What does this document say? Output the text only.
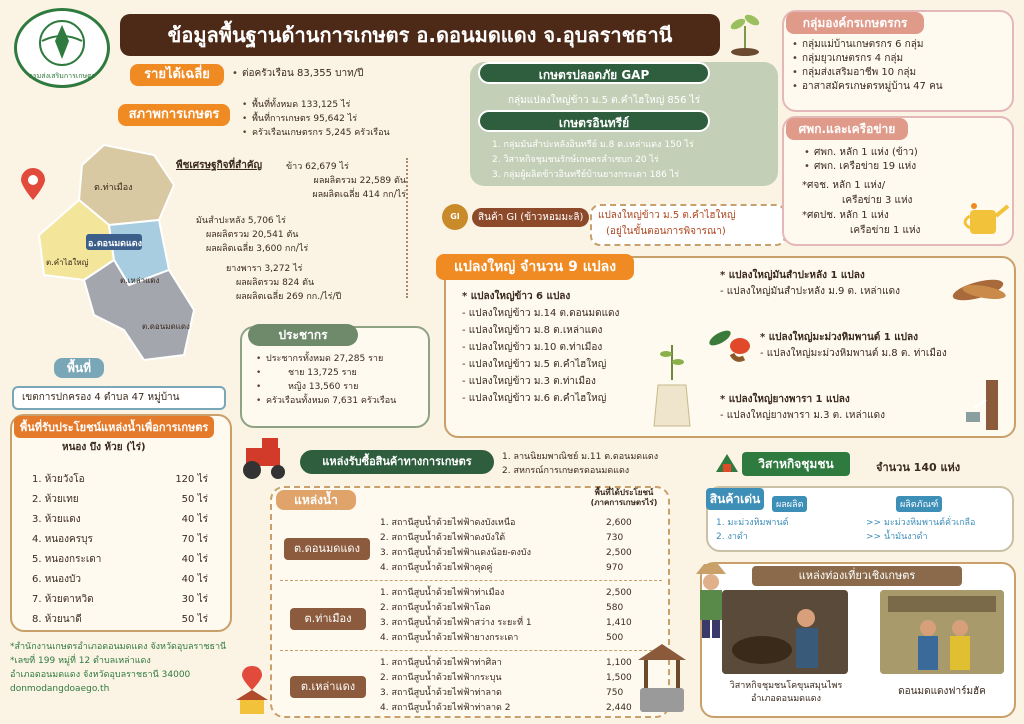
กรมส่งเสริมการเกษตร
ข้อมูลพื้นฐานด้านการเกษตร อ.ดอนมดแดง จ.อุบลราชธานี
รายได้เฉลี่ย	• ต่อครัวเรือน 83,355 บาท/ปี
สภาพการเกษตร
• พื้นที่ทั้งหมด 133,125 ไร่
• พื้นที่การเกษตร 95,642 ไร่
• ครัวเรือนเกษตรกร 5,245 ครัวเรือน
ต.ท่าเมือง
อ.ดอนมดแดง
ต.คำไฮใหญ่
ต.เหล่าแดง
ต.ดอนมดแดง
พืชเศรษฐกิจที่สำคัญ	ข้าว 62,679 ไร่
ผลผลิตรวม 22,589 ตัน
ผลผลิตเฉลี่ย 414 กก/ไร่
มันสำปะหลัง 5,706 ไร่
ผลผลิตรวม 20,541 ตัน
ผลผลิตเฉลี่ย 3,600 กก/ไร่
ยางพารา 3,272 ไร่
ผลผลิตรวม 824 ตัน
ผลผลิตเฉลี่ย 269 กก./ไร่/ปี
เกษตรปลอดภัย GAP
กลุ่มแปลงใหญ่ข้าว ม.5 ต.คำไฮใหญ่ 856 ไร่
เกษตรอินทรีย์
1. กลุ่มมันสำปะหลังอินทรีย์ ม.8 ต.เหล่าแดง 150 ไร่
2. วิสาหกิจชุมชนรักษ์เกษตรลำเซบก 20 ไร่
3. กลุ่มผู้ผลิตข้าวอินทรีย์บ้านยางกระเดา 186 ไร่
GI	สินค้า GI (ข้าวหอมมะลิ)	แปลงใหญ่ข้าว ม.5 ต.คำไฮใหญ่
(อยู่ในขั้นตอนการพิจารณา)
กลุ่มองค์กรเกษตรกร
• กลุ่มแม่บ้านเกษตรกร 6 กลุ่ม
• กลุ่มยุวเกษตรกร 4 กลุ่ม
• กลุ่มส่งเสริมอาชีพ 10 กลุ่ม
• อาสาสมัครเกษตรหมู่บ้าน 47 คน
ศพก.และเครือข่าย
• ศพก. หลัก 1 แห่ง (ข้าว)
• ศพก. เครือข่าย 19 แห่ง
*ศจช. หลัก 1 แห่ง/
เครือข่าย 3 แห่ง
*ศดปช. หลัก 1 แห่ง
เครือข่าย 1 แห่ง
ประชากร
• ประชากรทั้งหมด 27,285 ราย
• ชาย 13,725 ราย
• หญิง 13,560 ราย
• ครัวเรือนทั้งหมด 7,631 ครัวเรือน
พื้นที่
เขตการปกครอง 4 ตำบล 47 หมู่บ้าน
แปลงใหญ่ จำนวน 9 แปลง
* แปลงใหญ่ข้าว 6 แปลง
- แปลงใหญ่ข้าว ม.14 ต.ดอนมดแดง
- แปลงใหญ่ข้าว ม.8 ต.เหล่าแดง
- แปลงใหญ่ข้าว ม.10 ต.ท่าเมือง
- แปลงใหญ่ข้าว ม.5 ต.คำไฮใหญ่
- แปลงใหญ่ข้าว ม.3 ต.ท่าเมือง
- แปลงใหญ่ข้าว ม.6 ต.คำไฮใหญ่
* แปลงใหญ่มันสำปะหลัง 1 แปลง
- แปลงใหญ่มันสำปะหลัง ม.9 ต. เหล่าแดง
* แปลงใหญ่มะม่วงหิมพานต์ 1 แปลง
- แปลงใหญ่มะม่วงหิมพานต์ ม.8 ต. ท่าเมือง
* แปลงใหญ่ยางพารา 1 แปลง
- แปลงใหญ่ยางพารา ม.3 ต. เหล่าแดง
พื้นที่รับประโยชน์แหล่งน้ำเพื่อการเกษตร
หนอง บึง ห้วย (ไร่)
1. ห้วยวังโอ	120 ไร่
2. ห้วยเทย	50 ไร่
3. ห้วยแดง	40 ไร่
4. หนองครบุร	70 ไร่
5. หนองกระเดา	40 ไร่
6. หนองบัว	40 ไร่
7. ห้วยตาหวิด	30 ไร่
8. ห้วยนาดี	50 ไร่
แหล่งรับซื้อสินค้าทางการเกษตร	1. ลานนิยมพาณิชย์ ม.11 ต.ดอนมดแดง
2. สหกรณ์การเกษตรดอนมดแดง	วิสาหกิจชุมชน	จำนวน 140 แห่ง
สินค้าเด่น	ผลผลิต	ผลิตภัณฑ์
1. มะม่วงหิมพานต์	>> มะม่วงหิมพานต์คั่วเกลือ
2. งาดำ	>> น้ำมันงาดำ
แหล่งน้ำ
พื้นที่ได้ประโยชน์ (ภาคการเกษตรไร่)
ต.ดอนมดแดง
1. สถานีสูบน้ำด้วยไฟฟ้าดงบังเหนือ	2,600
2. สถานีสูบน้ำด้วยไฟฟ้าดงบังใต้	730
3. สถานีสูบน้ำด้วยไฟฟ้าแดงน้อย-ดงบัง	2,500
4. สถานีสูบน้ำด้วยไฟฟ้าคุดคู่	970
ต.ท่าเมือง
1. สถานีสูบน้ำด้วยไฟฟ้าท่าเมือง	2,500
2. สถานีสูบน้ำด้วยไฟฟ้าโอด	580
3. สถานีสูบน้ำด้วยไฟฟ้าสว่าง ระยะที่ 1	1,410
4. สถานีสูบน้ำด้วยไฟฟ้ายางกระเดา	500
ต.เหล่าแดง
1. สถานีสูบน้ำด้วยไฟฟ้าท่าศิลา	1,100
2. สถานีสูบน้ำด้วยไฟฟ้ากระบุน	1,500
3. สถานีสูบน้ำด้วยไฟฟ้าท่าลาด	750
4. สถานีสูบน้ำด้วยไฟฟ้าท่าลาด 2	2,440
แหล่งท่องเที่ยวเชิงเกษตร
วิสาหกิจชุมชนโคขุนสมุนไพร
อำเภอดอนมดแดง
ดอนมดแดงฟาร์มฮัค
*สำนักงานเกษตรอำเภอดอนมดแดง จังหวัดอุบลราชธานี
*เลขที่ 199 หมู่ที่ 12 ตำบลเหล่าแดง
อำเภอดอนมดแดง จังหวัดอุบลราชธานี 34000
donmodangdoaego.th
